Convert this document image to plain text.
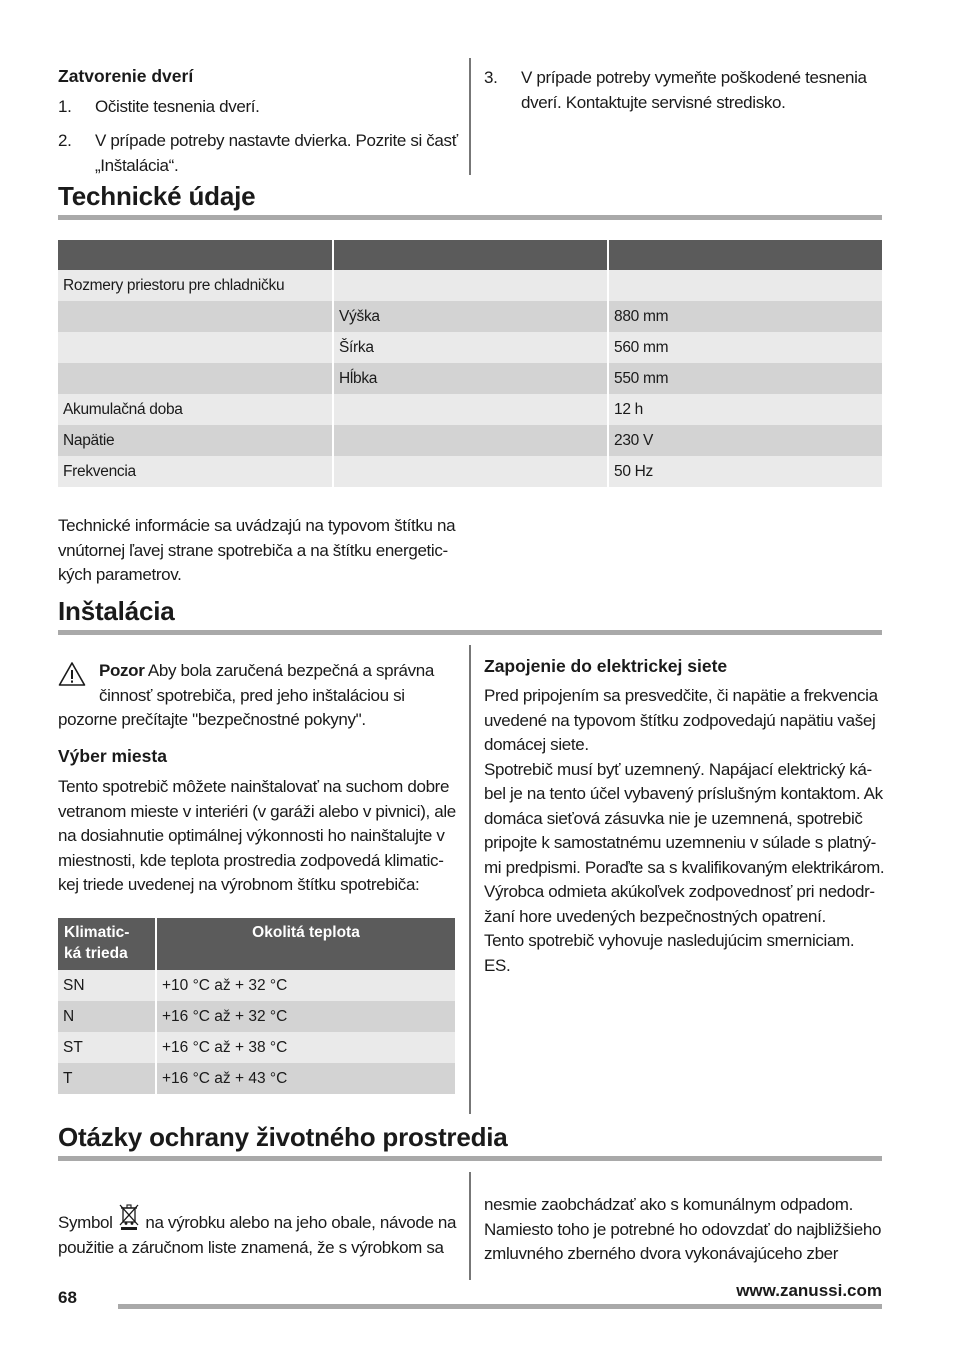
Zatvorenie dverí
1. Očistite tesnenia dverí.
2. V prípade potreby nastavte dvierka. Pozrite si časť
„Inštalácia“.
3. V prípade potreby vymeňte poškodené tesnenia
dverí. Kontaktujte servisné stredisko.
Technické údaje

Rozmery priestoru pre chladničku		
	Výška	880 mm
	Šírka	560 mm
	Hĺbka	550 mm
Akumulačná doba		12 h
Napätie		230 V
Frekvencia		50 Hz
Technické informácie sa uvádzajú na typovom štítku na
vnútornej ľavej strane spotrebiča a na štítku energetic-
kých parametrov.
Inštalácia
Pozor Aby bola zaručená bezpečná a správna
činnosť spotrebiča, pred jeho inštaláciou si
pozorne prečítajte "bezpečnostné pokyny".
Výber miesta
Tento spotrebič môžete nainštalovať na suchom dobre
vetranom mieste v interiéri (v garáži alebo v pivnici), ale
na dosiahnutie optimálnej výkonnosti ho nainštalujte v
miestnosti, kde teplota prostredia zodpovedá klimatic-
kej triede uvedenej na výrobnom štítku spotrebiča:
Klimatic-
ká trieda	Okolitá teplota
SN	+10 °C až + 32 °C
N	+16 °C až + 32 °C
ST	+16 °C až + 38 °C
T	+16 °C až + 43 °C
Zapojenie do elektrickej siete
Pred pripojením sa presvedčite, či napätie a frekvencia
uvedené na typovom štítku zodpovedajú napätiu vašej
domácej siete.
Spotrebič musí byť uzemnený. Napájací elektrický ká-
bel je na tento účel vybavený príslušným kontaktom. Ak
domáca sieťová zásuvka nie je uzemnená, spotrebič
pripojte k samostatnému uzemneniu v súlade s platný-
mi predpismi. Poraďte sa s kvalifikovaným elektrikárom.
Výrobca odmieta akúkoľvek zodpovednosť pri nedodr-
žaní hore uvedených bezpečnostných opatrení.
Tento spotrebič vyhovuje nasledujúcim smerniciam.
ES.
Otázky ochrany životného prostredia
Symbol na výrobku alebo na jeho obale, návode na
použitie a záručnom liste znamená, že s výrobkom sa
nesmie zaobchádzať ako s komunálnym odpadom.
Namiesto toho je potrebné ho odovzdať do najbližšieho
zmluvného zberného dvora vykonávajúceho zber
68	www.zanussi.com
